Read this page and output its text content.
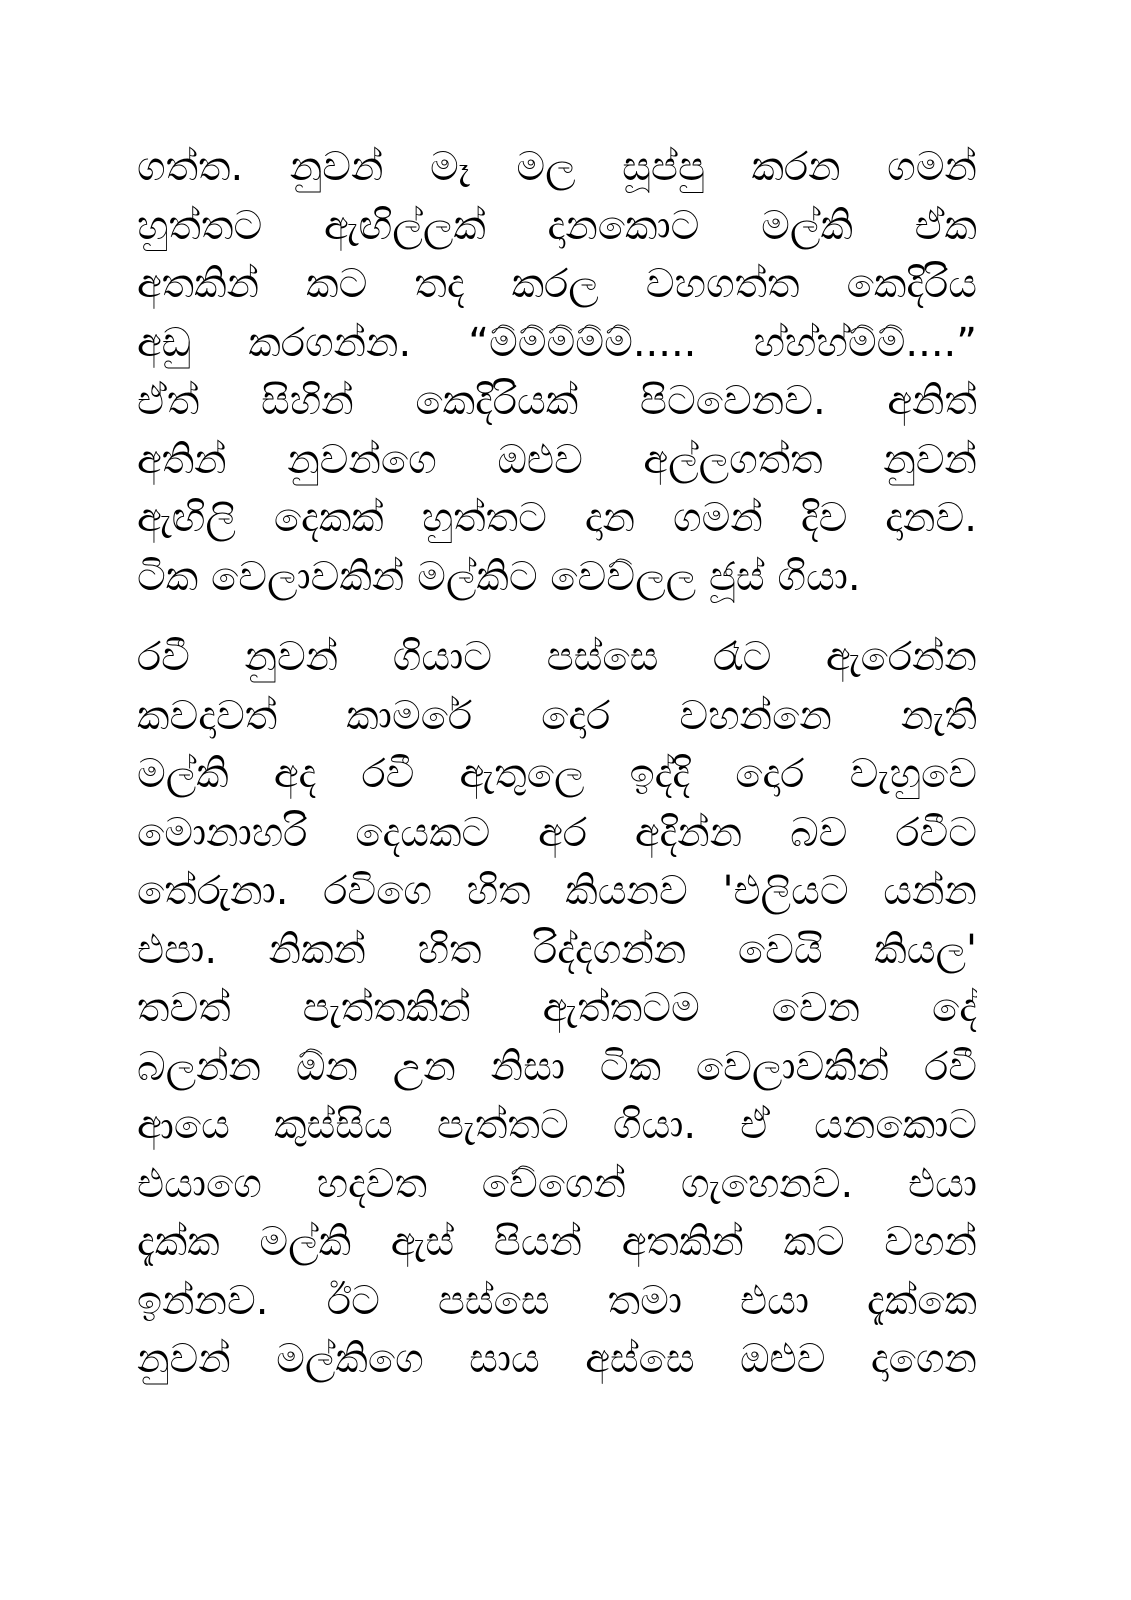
ගත්ත. නුවන් මෑ මල සූප්පු කරන ගමන්
හුත්තට ඇඟිල්ලක් දානකොට මල්කි ඒක
අතකින් කට තද කරල වහගත්ත කෙදිරිය
අඩු කරගන්න. “ම්ම්ම්ම්ම්..... හ්හ්හ්ම්ම්....”
ඒත් සිහින් කෙදිරියක් පිටවෙනව. අනිත්
අතින් නුවන්ගෙ ඔළුව අල්ලගත්ත නුවන්
ඇඟිලි දෙකක් හුත්තට දාන ගමන් දිව දානව.
ටික වෙලාවකින් මල්කිට වෙව්ලල ජූස් ගියා.

රවී නුවන් ගියාට පස්සෙ රෑට ඇරෙන්න
කවදාවත් කාමරේ දොර වහන්නෙ නැති
මල්කි අද රවී ඇතුලෙ ඉද්දි දොර වැහුවෙ
මොනාහරි දෙයකට අර අදින්න බව රවීට
තේරුනා. රවිගෙ හිත කියනව 'එලියට යන්න
එපා. නිකන් හිත රිද්දගන්න වෙයි කියල'
තවත් පැත්තකින් ඇත්තටම වෙන දේ
බලන්න ඕන උන නිසා ටික වෙලාවකින් රවී
ආයෙ කුස්සිය පැත්තට ගියා. ඒ යනකොට
එයාගෙ හදවත වේගෙන් ගැහෙනව. එයා
දැක්ක මල්කි ඇස් පියන් අතකින් කට වහන්
ඉන්නව. ඊට පස්සෙ තමා එයා දැක්කෙ
නුවන් මල්කිගෙ සාය අස්සෙ ඔළුව දාගෙන
